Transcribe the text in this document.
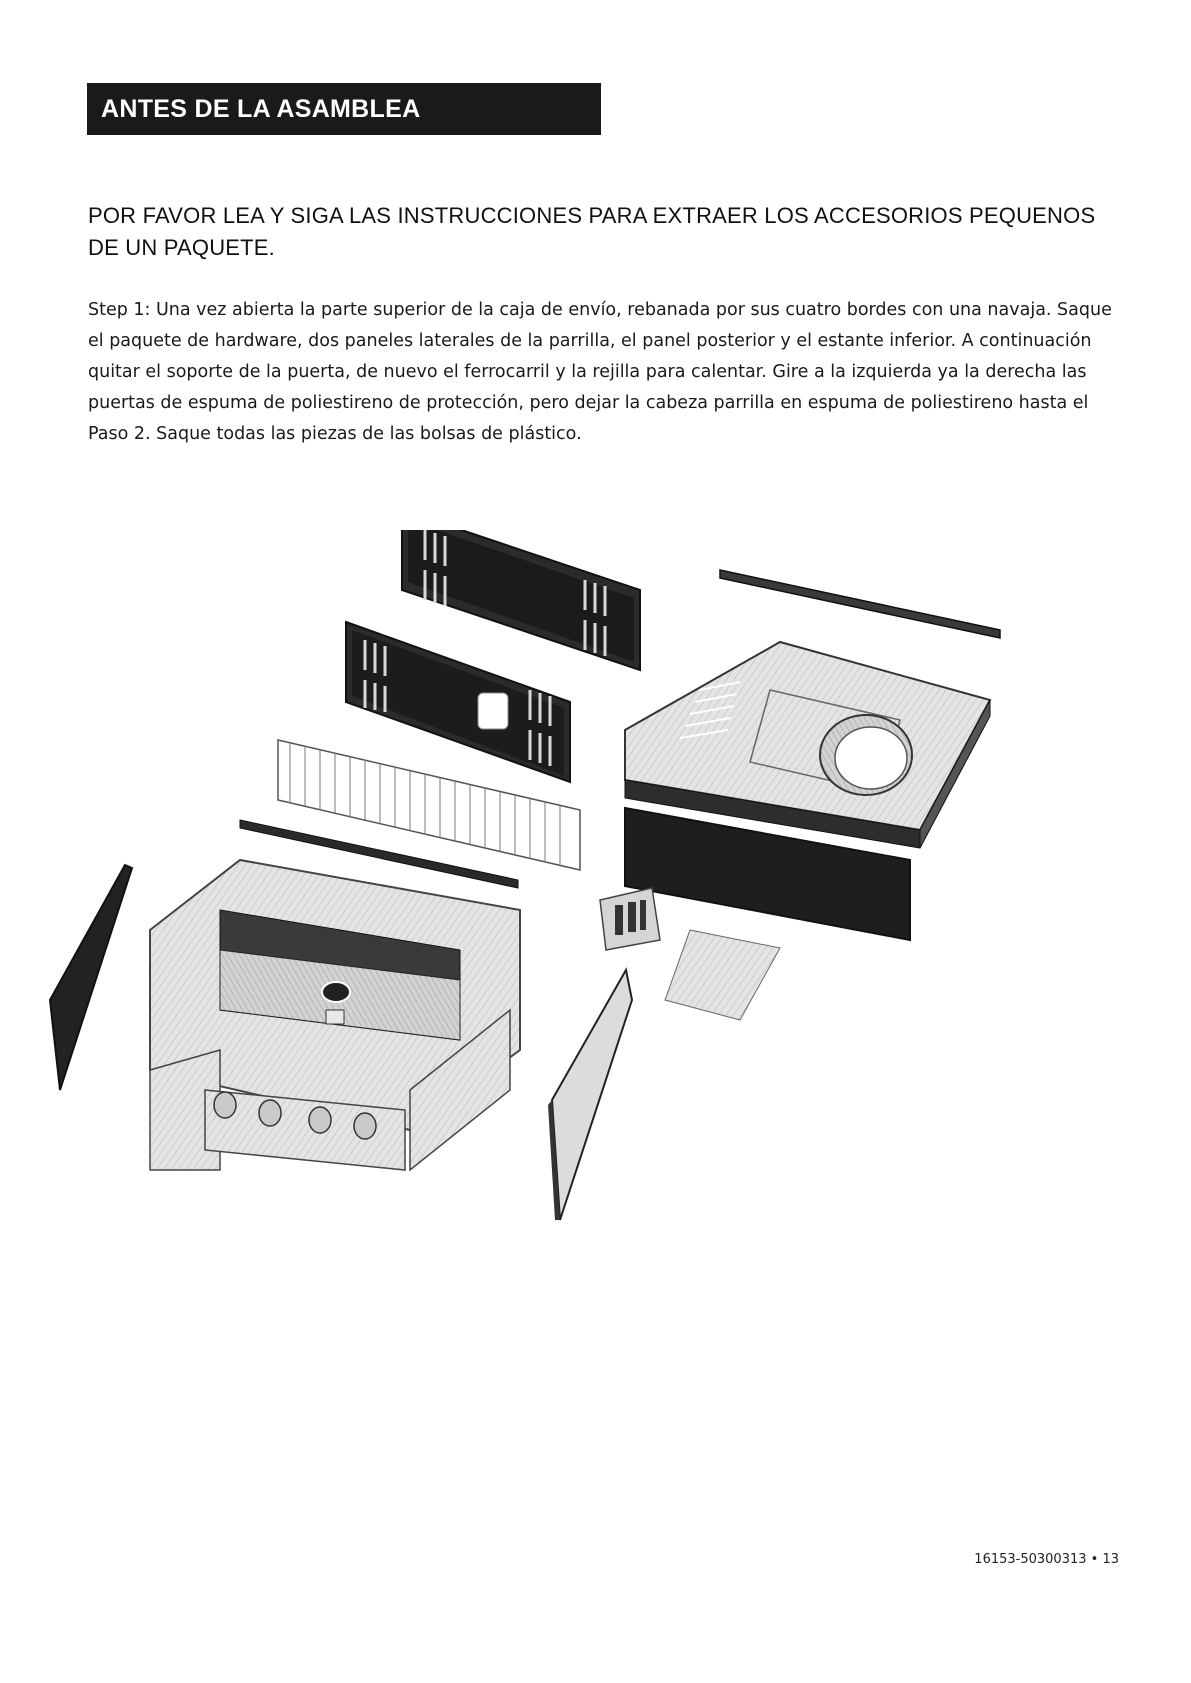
ANTES DE LA ASAMBLEA
POR FAVOR LEA Y SIGA LAS INSTRUCCIONES PARA EXTRAER LOS ACCESORIOS PEQUENOS DE UN PAQUETE.
Step 1: Una vez abierta la parte superior de la caja de envío, rebanada por sus cuatro bordes con una navaja. Saque el paquete de hardware, dos paneles laterales de la parrilla, el panel posterior y el estante inferior. A continuación quitar el soporte de la puerta, de nuevo el ferrocarril y la rejilla para calentar. Gire a la izquierda ya la derecha las puertas de espuma de poliestireno de protección, pero dejar la cabeza parrilla en espuma de poliestireno hasta el Paso 2. Saque todas las piezas de las bolsas de plástico.
16153-50300313 • 13
